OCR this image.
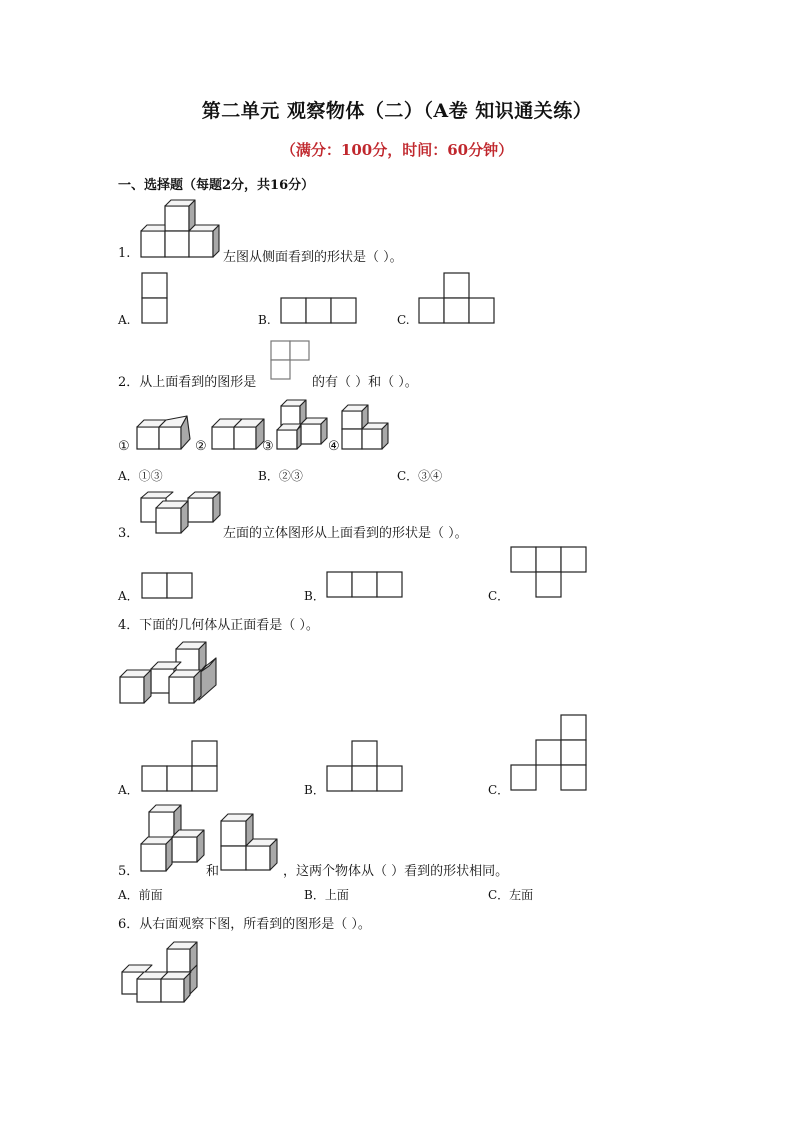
第二单元 观察物体（二）（A卷 知识通关练）
（满分：100分，时间：60分钟）
一、选择题（每题2分，共16分）
1.	左图从侧面看到的形状是（ ）。
A.	B.	C.
2．从上面看到的图形是	的有（ ）和（ ）。
①	②	③	④
A．①③	B．②③	C．③④
3．	左面的立体图形从上面看到的形状是（ ）。
A．	B．	C．
4．下面的几何体从正面看是（ ）。
A．	B．	C．
5．	和	，这两个物体从（ ）看到的形状相同。
A．前面	B．上面	C．左面
6．从右面观察下图，所看到的图形是（ ）。
